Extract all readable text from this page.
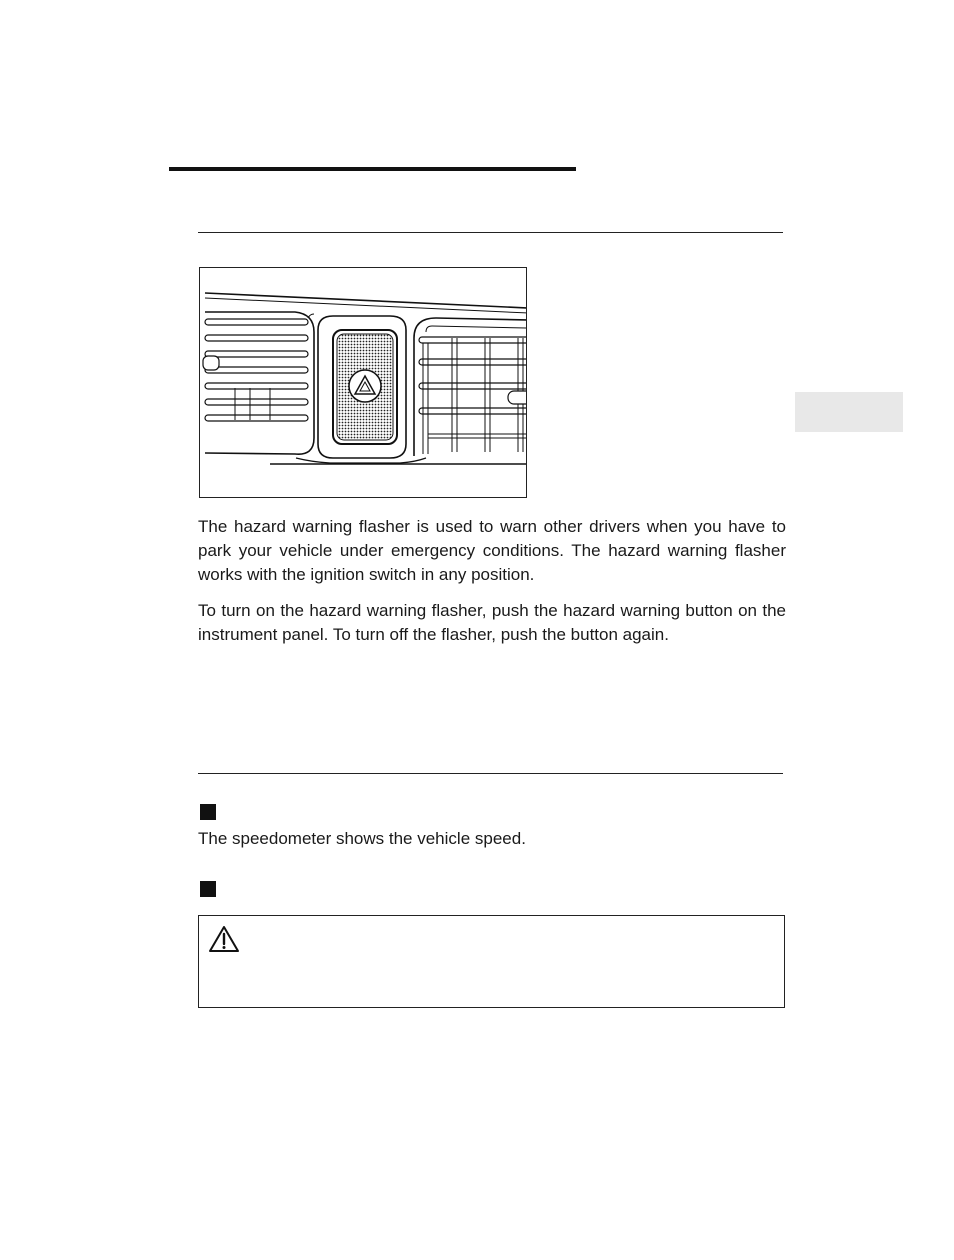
The hazard warning flasher is used to warn other drivers when you have to park your vehicle under emergency conditions. The hazard warning flasher works with the ignition switch in any position.

To turn on the hazard warning flasher, push the hazard warning button on the instrument panel. To turn off the flasher, push the button again.

The speedometer shows the vehicle speed.
